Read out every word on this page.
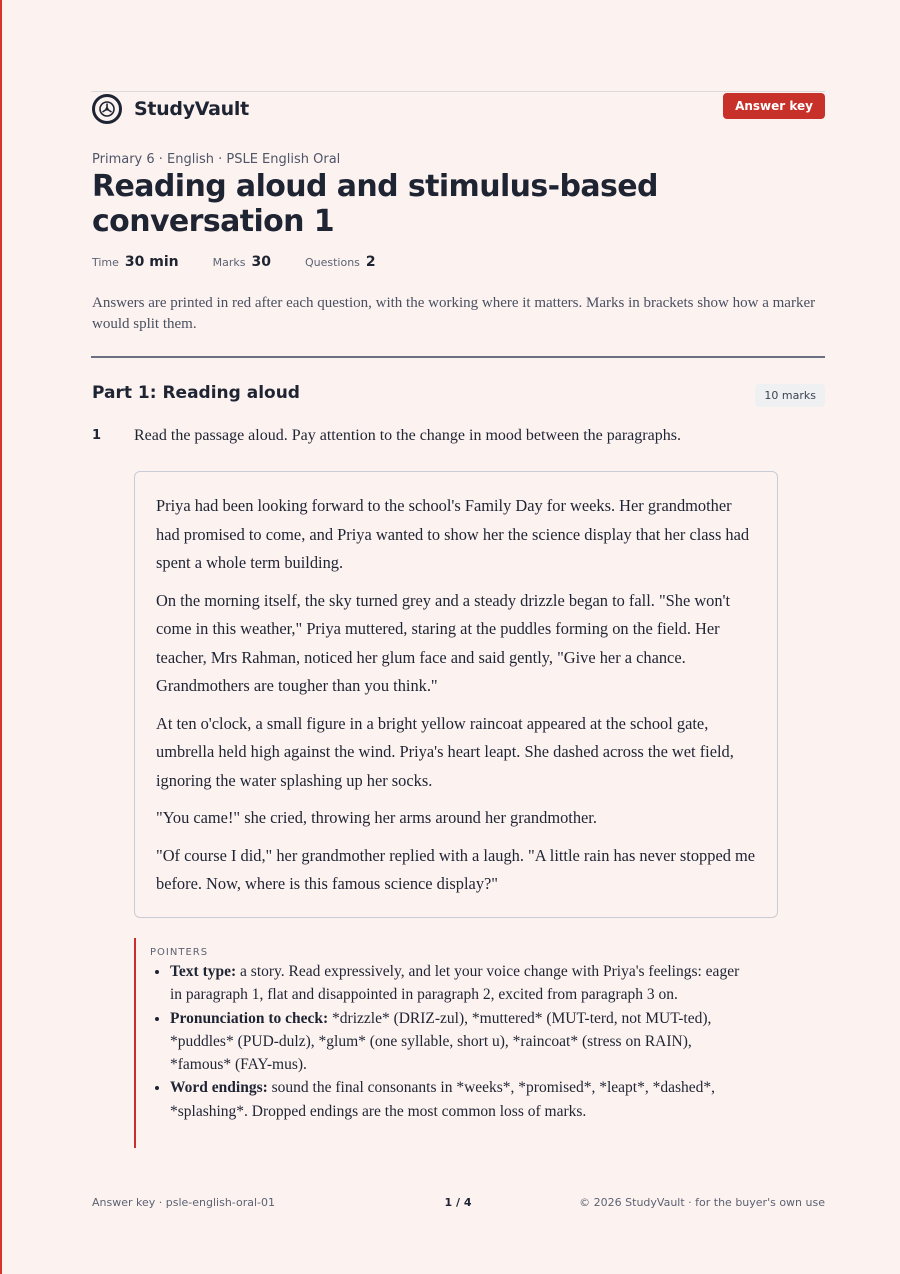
StudyVault	Answer key
Primary 6 · English · PSLE English Oral
Reading aloud and stimulus-based conversation 1
Time 30 min	Marks 30	Questions 2

Answers are printed in red after each question, with the working where it matters. Marks in brackets show how a marker would split them.

Part 1: Reading aloud	10 marks
1 Read the passage aloud. Pay attention to the change in mood between the paragraphs.

Priya had been looking forward to the school's Family Day for weeks. Her grandmother had promised to come, and Priya wanted to show her the science display that her class had spent a whole term building.

On the morning itself, the sky turned grey and a steady drizzle began to fall. "She won't come in this weather," Priya muttered, staring at the puddles forming on the field. Her teacher, Mrs Rahman, noticed her glum face and said gently, "Give her a chance. Grandmothers are tougher than you think."

At ten o'clock, a small figure in a bright yellow raincoat appeared at the school gate, umbrella held high against the wind. Priya's heart leapt. She dashed across the wet field, ignoring the water splashing up her socks.

"You came!" she cried, throwing her arms around her grandmother.

"Of course I did," her grandmother replied with a laugh. "A little rain has never stopped me before. Now, where is this famous science display?"

POINTERS
• Text type: a story. Read expressively, and let your voice change with Priya's feelings: eager in paragraph 1, flat and disappointed in paragraph 2, excited from paragraph 3 on.
• Pronunciation to check: *drizzle* (DRIZ-zul), *muttered* (MUT-terd, not MUT-ted), *puddles* (PUD-dulz), *glum* (one syllable, short u), *raincoat* (stress on RAIN), *famous* (FAY-mus).
• Word endings: sound the final consonants in *weeks*, *promised*, *leapt*, *dashed*, *splashing*. Dropped endings are the most common loss of marks.
Answer key · psle-english-oral-01	1 / 4	© 2026 StudyVault · for the buyer's own use
